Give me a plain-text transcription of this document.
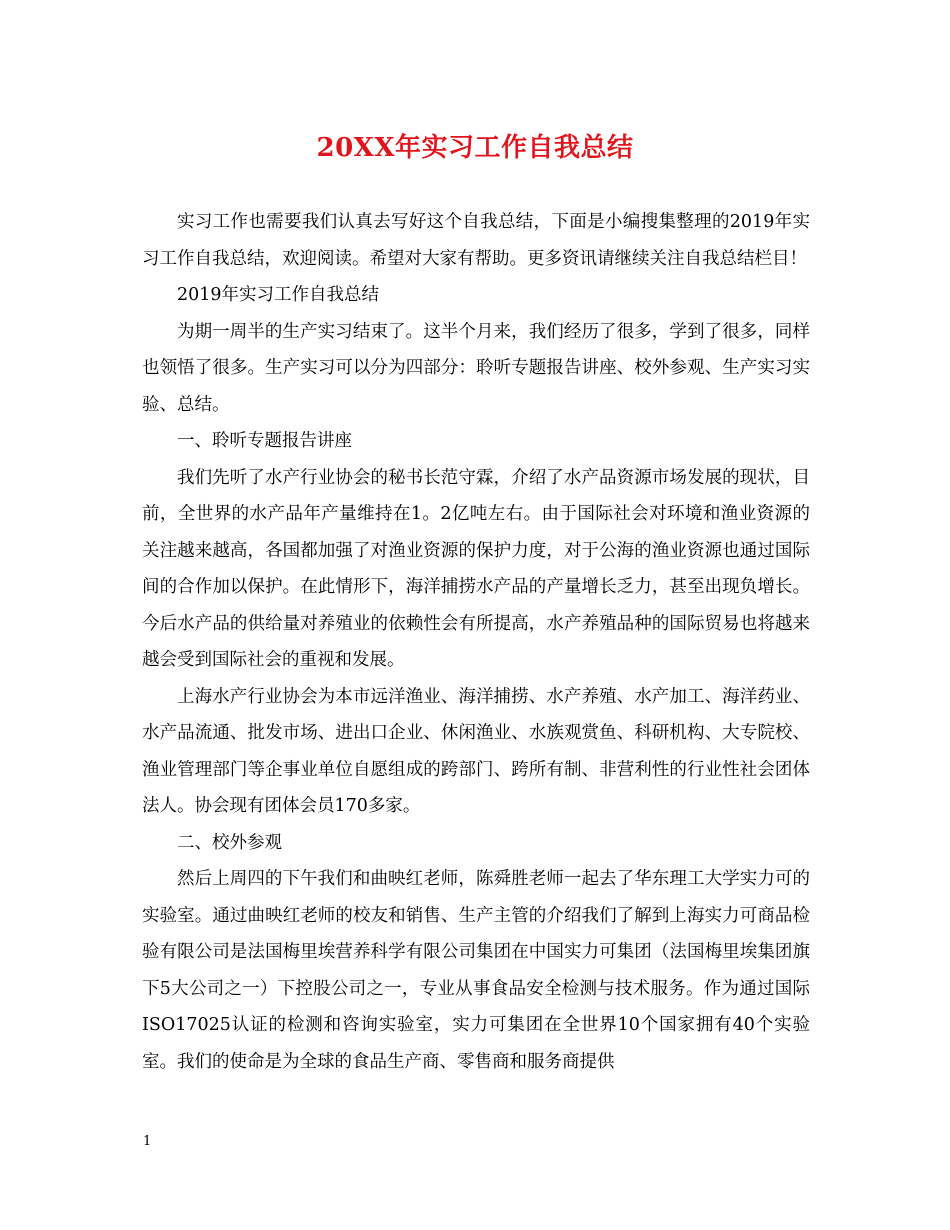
20XX年实习工作自我总结

实习工作也需要我们认真去写好这个自我总结，下面是小编搜集整理的2019年实习工作自我总结，欢迎阅读。希望对大家有帮助。更多资讯请继续关注自我总结栏目！

2019年实习工作自我总结

为期一周半的生产实习结束了。这半个月来，我们经历了很多，学到了很多，同样也领悟了很多。生产实习可以分为四部分：聆听专题报告讲座、校外参观、生产实习实验、总结。

一、聆听专题报告讲座

我们先听了水产行业协会的秘书长范守霖，介绍了水产品资源市场发展的现状，目前，全世界的水产品年产量维持在1。2亿吨左右。由于国际社会对环境和渔业资源的关注越来越高，各国都加强了对渔业资源的保护力度，对于公海的渔业资源也通过国际间的合作加以保护。在此情形下，海洋捕捞水产品的产量增长乏力，甚至出现负增长。今后水产品的供给量对养殖业的依赖性会有所提高，水产养殖品种的国际贸易也将越来越会受到国际社会的重视和发展。

上海水产行业协会为本市远洋渔业、海洋捕捞、水产养殖、水产加工、海洋药业、水产品流通、批发市场、进出口企业、休闲渔业、水族观赏鱼、科研机构、大专院校、渔业管理部门等企事业单位自愿组成的跨部门、跨所有制、非营利性的行业性社会团体法人。协会现有团体会员170多家。

二、校外参观

然后上周四的下午我们和曲映红老师，陈舜胜老师一起去了华东理工大学实力可的实验室。通过曲映红老师的校友和销售、生产主管的介绍我们了解到上海实力可商品检验有限公司是法国梅里埃营养科学有限公司集团在中国实力可集团（法国梅里埃集团旗下5大公司之一）下控股公司之一，专业从事食品安全检测与技术服务。作为通过国际ISO17025认证的检测和咨询实验室，实力可集团在全世界10个国家拥有40个实验室。我们的使命是为全球的食品生产商、零售商和服务商提供

1
